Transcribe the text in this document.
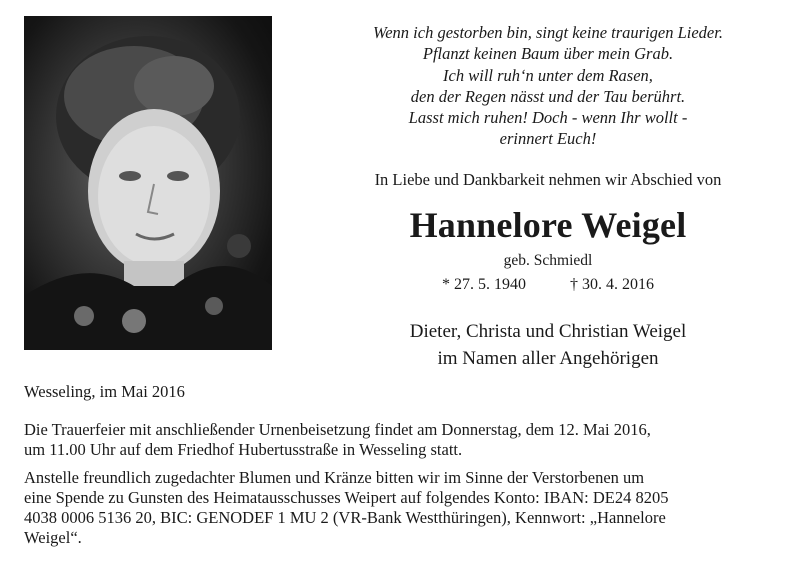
Wenn ich gestorben bin, singt keine traurigen Lieder.
Pflanzt keinen Baum über mein Grab.
Ich will ruh‘n unter dem Rasen,
den der Regen nässt und der Tau berührt.
Lasst mich ruhen! Doch - wenn Ihr wollt -
erinnert Euch!
In Liebe und Dankbarkeit nehmen wir Abschied von
Hannelore Weigel
geb. Schmiedl
* 27. 5. 1940	† 30. 4. 2016
Dieter, Christa und Christian Weigel
im Namen aller Angehörigen
Wesseling, im Mai 2016
Die Trauerfeier mit anschließender Urnenbeisetzung findet am Donnerstag, dem 12. Mai 2016,
um 11.00 Uhr auf dem Friedhof Hubertusstraße in Wesseling statt.
Anstelle freundlich zugedachter Blumen und Kränze bitten wir im Sinne der Verstorbenen um
eine Spende zu Gunsten des Heimatausschusses Weipert auf folgendes Konto: IBAN: DE24 8205
4038 0006 5136 20, BIC: GENODEF 1 MU 2 (VR-Bank Westthüringen), Kennwort: „Hannelore
Weigel“.
